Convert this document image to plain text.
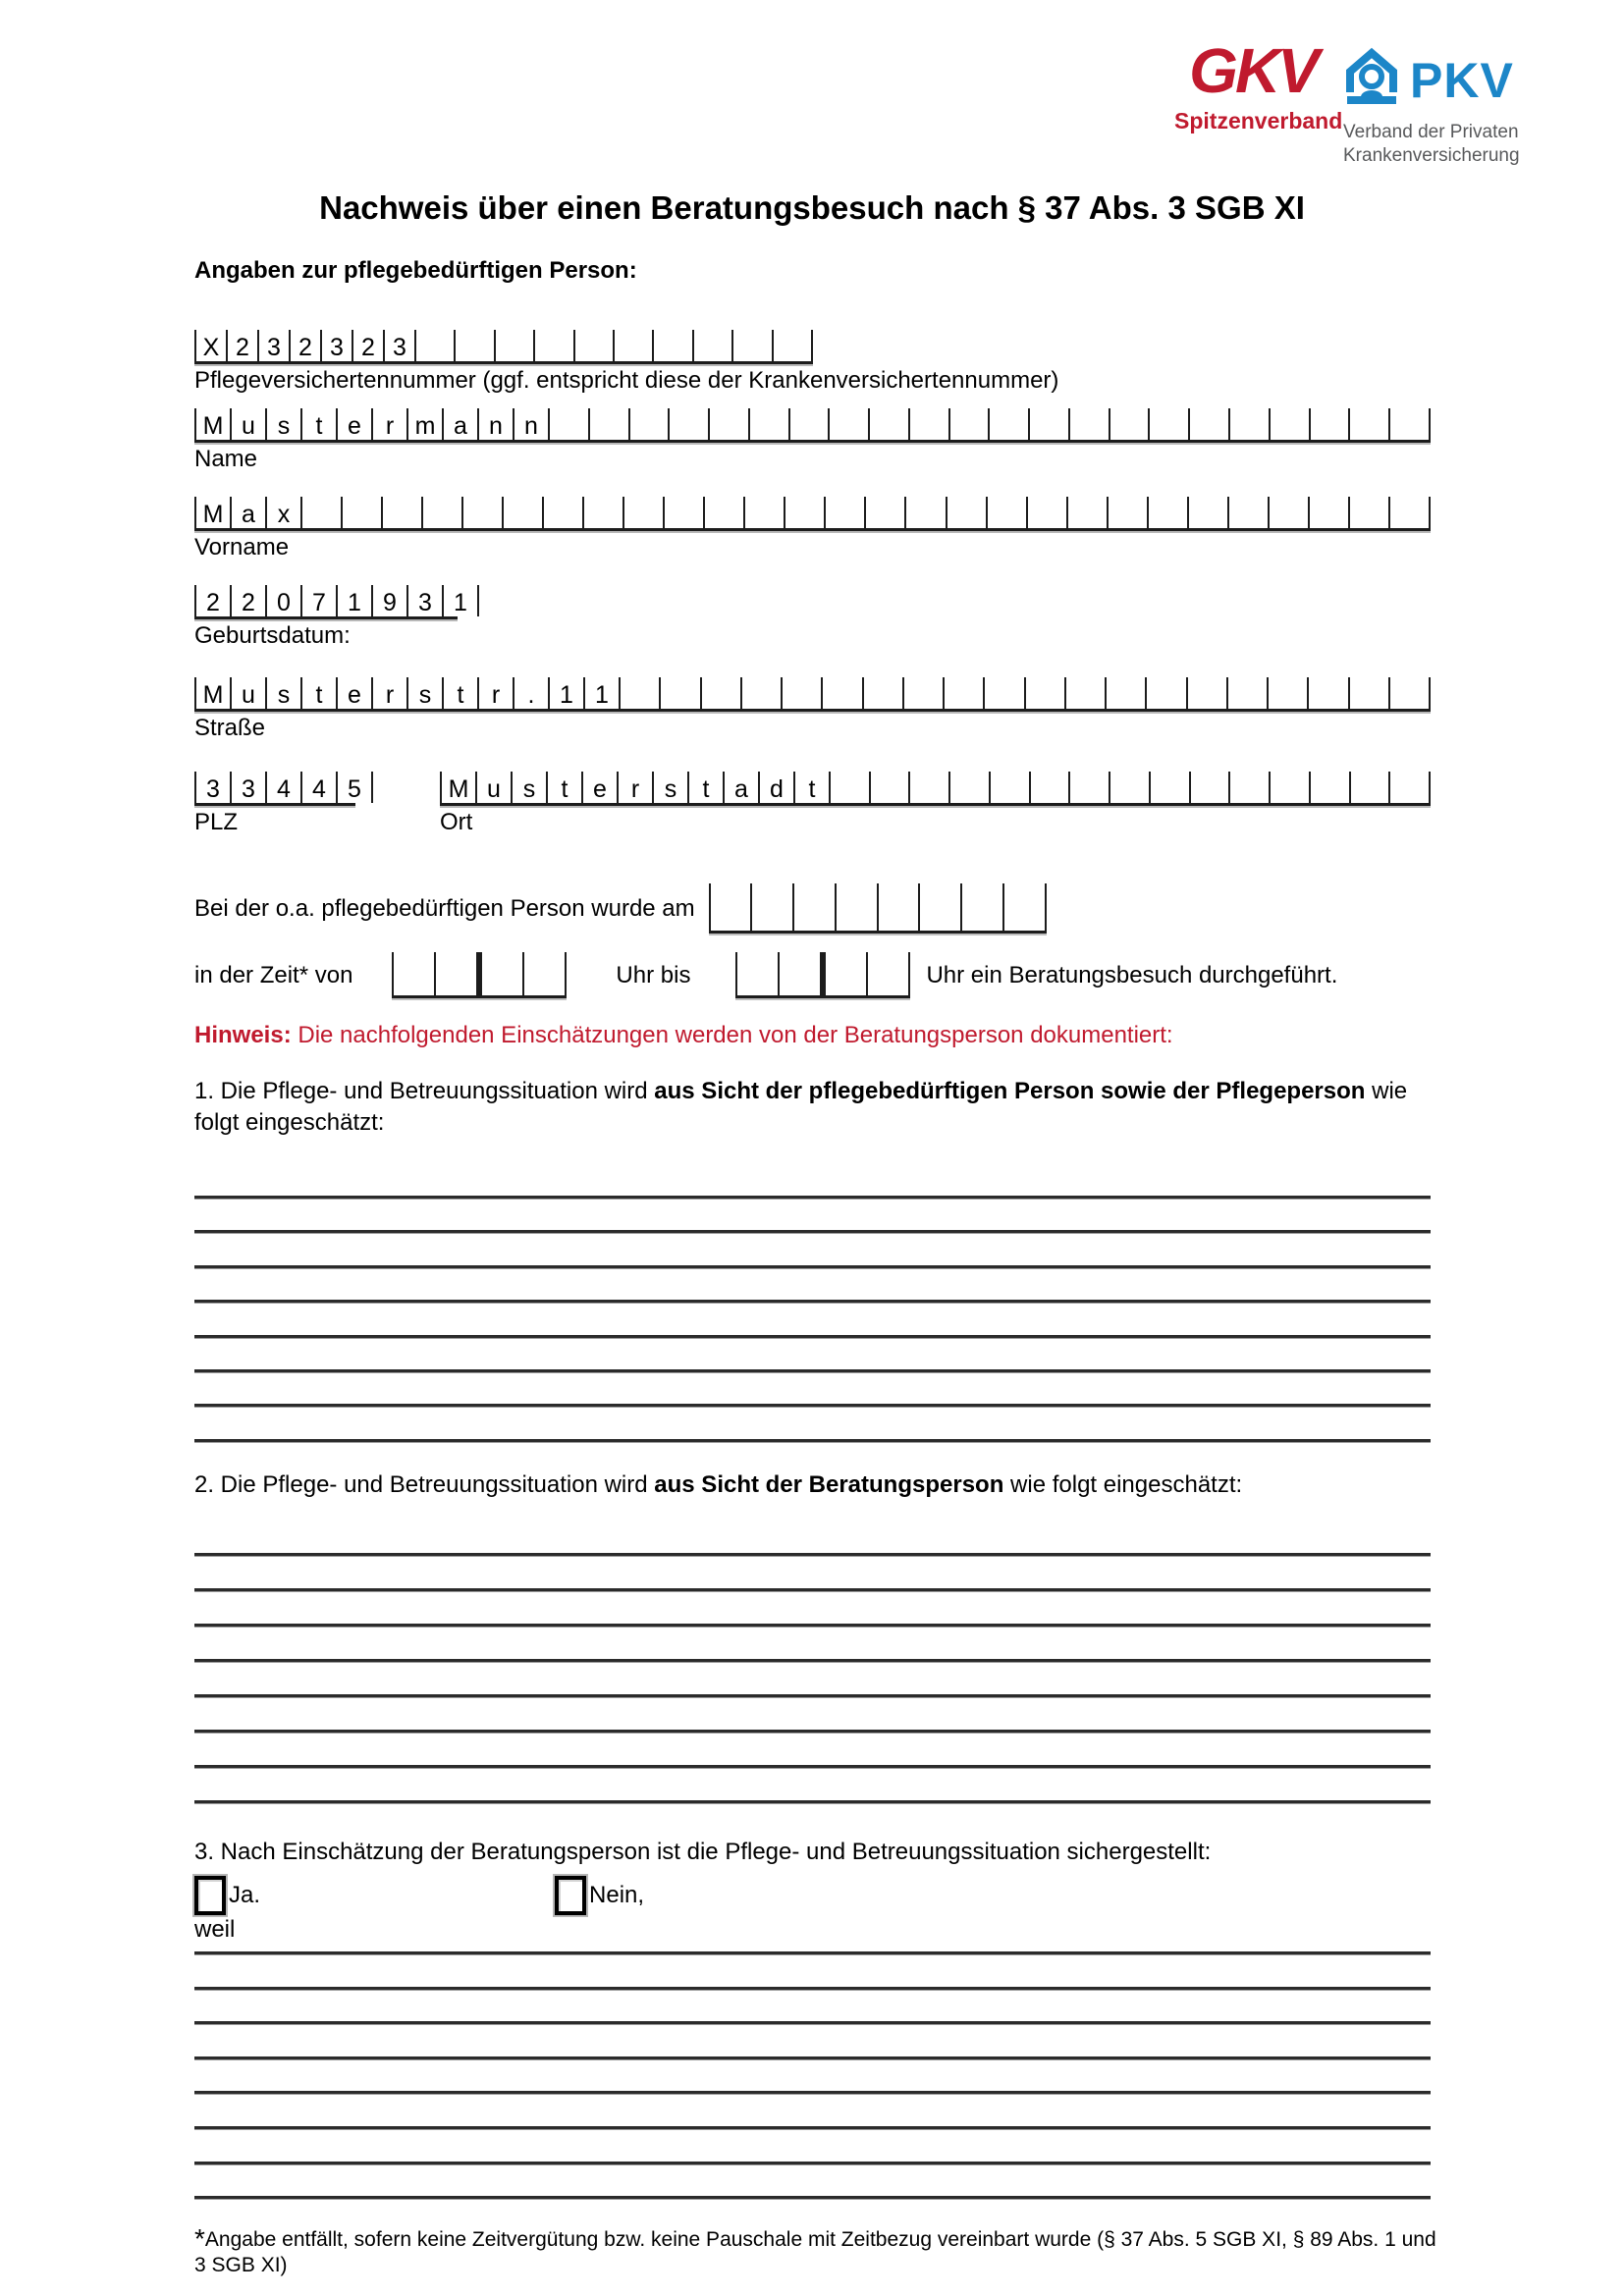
GKV
Spitzenverband
PKV
Verband der Privaten
Krankenversicherung
Nachweis über einen Beratungsbesuch nach § 37 Abs. 3 SGB XI
Angaben zur pflegebedürftigen Person:
X 2 3 2 3 2 3
Pflegeversichertennummer (ggf. entspricht diese der Krankenversichertennummer)
M u s	t	e r m a n n
Name
M a x
Vorname
2 2 0 7 1 9 3 1
Geburtsdatum:
M u s	t	e r	s	t	r	.	1 1
Straße
3 3 4 4 5	M u s	t	e r	s	t	a d	t
PLZ	Ort
Bei der o.a. pflegebedürftigen Person wurde am
in der Zeit* von	Uhr bis	Uhr ein Beratungsbesuch durchgeführt.
Hinweis: Die nachfolgenden Einschätzungen werden von der Beratungsperson dokumentiert:
1. Die Pflege- und Betreuungssituation wird aus Sicht der pflegebedürftigen Person sowie der Pflegeperson wie folgt eingeschätzt:
2. Die Pflege- und Betreuungssituation wird aus Sicht der Beratungsperson wie folgt eingeschätzt:
3. Nach Einschätzung der Beratungsperson ist die Pflege- und Betreuungssituation sichergestellt:
Ja.	Nein,
weil
*Angabe entfällt, sofern keine Zeitvergütung bzw. keine Pauschale mit Zeitbezug vereinbart wurde (§ 37 Abs. 5 SGB XI, § 89 Abs. 1 und 3 SGB XI)
